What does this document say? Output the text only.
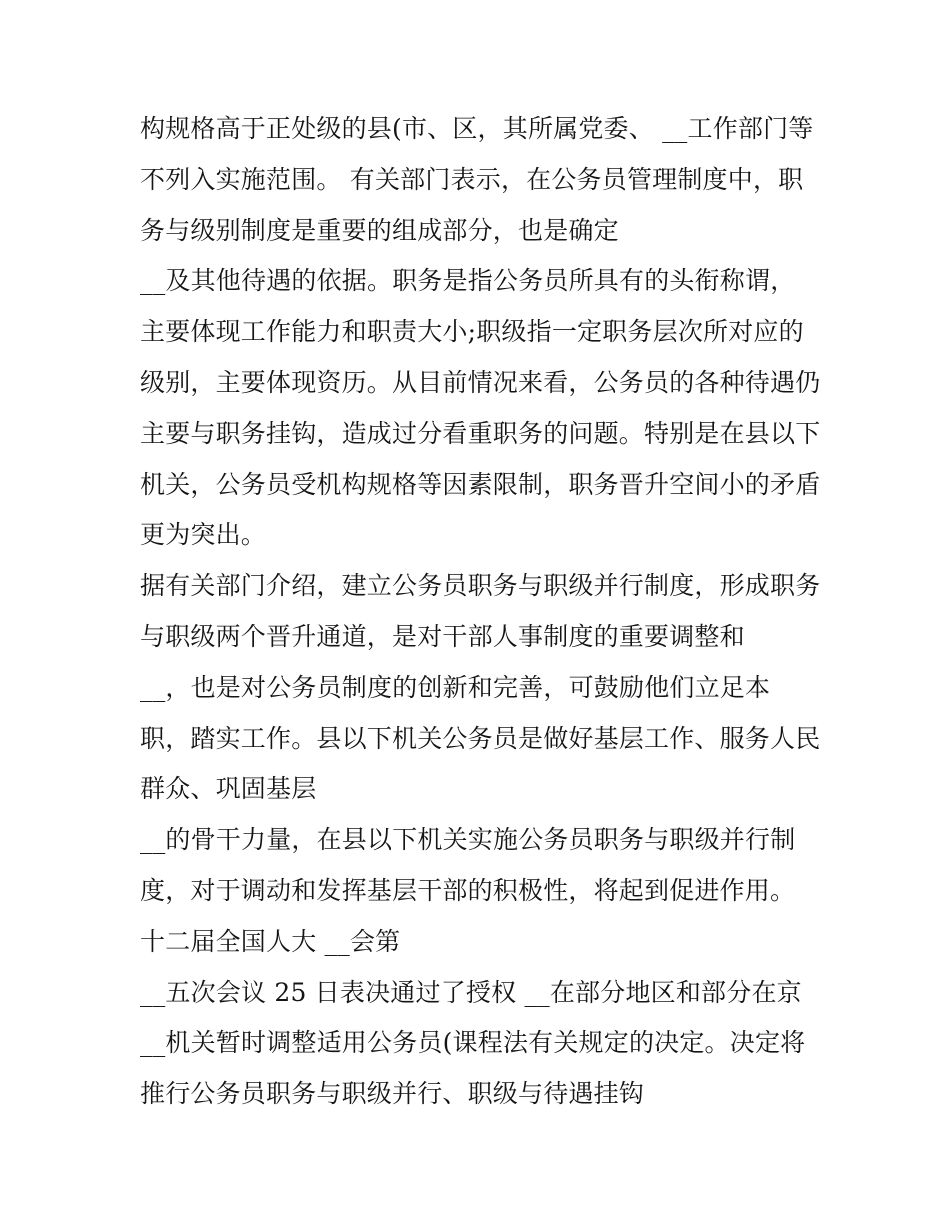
构规格高于正处级的县(市、区，其所属党委、 __工作部门等
不列入实施范围。 有关部门表示，在公务员管理制度中，职
务与级别制度是重要的组成部分，也是确定
__及其他待遇的依据。职务是指公务员所具有的头衔称谓，
主要体现工作能力和职责大小;职级指一定职务层次所对应的
级别，主要体现资历。从目前情况来看，公务员的各种待遇仍
主要与职务挂钩，造成过分看重职务的问题。特别是在县以下
机关，公务员受机构规格等因素限制，职务晋升空间小的矛盾
更为突出。
据有关部门介绍，建立公务员职务与职级并行制度，形成职务
与职级两个晋升通道，是对干部人事制度的重要调整和
__，也是对公务员制度的创新和完善，可鼓励他们立足本
职，踏实工作。县以下机关公务员是做好基层工作、服务人民
群众、巩固基层
__的骨干力量，在县以下机关实施公务员职务与职级并行制
度，对于调动和发挥基层干部的积极性，将起到促进作用。
十二届全国人大 __会第
__五次会议 25 日表决通过了授权 __在部分地区和部分在京
__机关暂时调整适用公务员(课程法有关规定的决定。决定将
推行公务员职务与职级并行、职级与待遇挂钩
